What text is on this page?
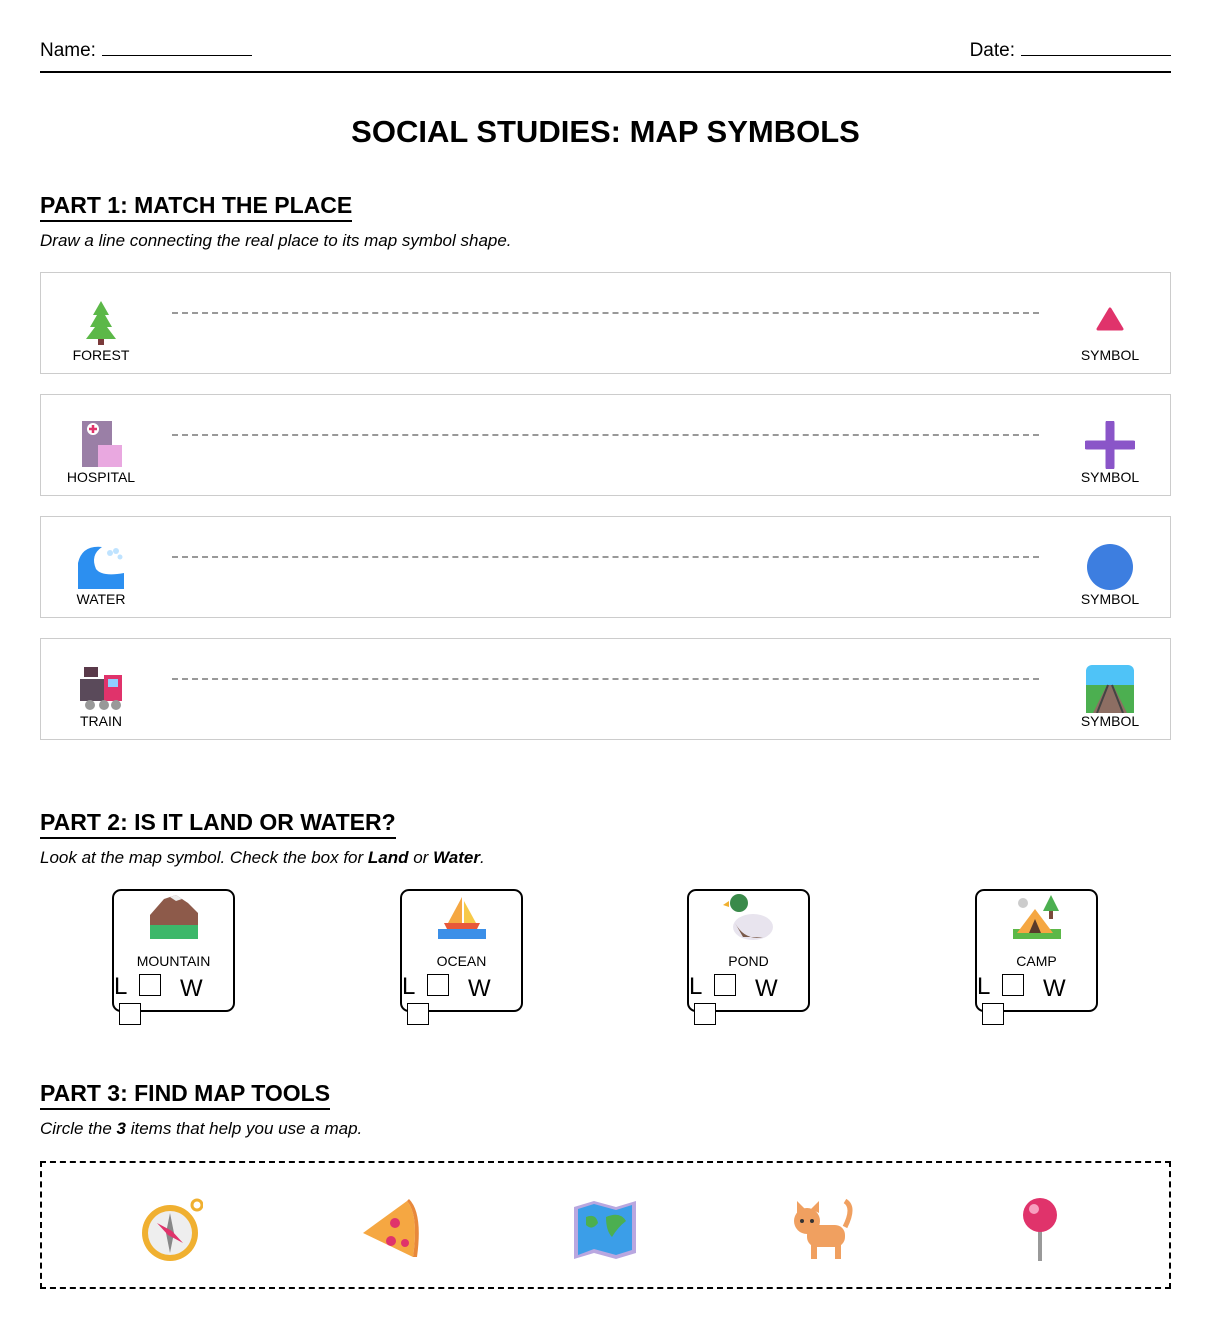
Name:	Date:
SOCIAL STUDIES: MAP SYMBOLS
PART 1: MATCH THE PLACE
Draw a line connecting the real place to its map symbol shape.
FOREST	SYMBOL
HOSPITAL	SYMBOL
WATER	SYMBOL
TRAIN	SYMBOL
PART 2: IS IT LAND OR WATER?
Look at the map symbol. Check the box for Land or Water.
MOUNTAIN
L W
OCEAN
L W
POND
L W
CAMP
L W
PART 3: FIND MAP TOOLS
Circle the 3 items that help you use a map.
